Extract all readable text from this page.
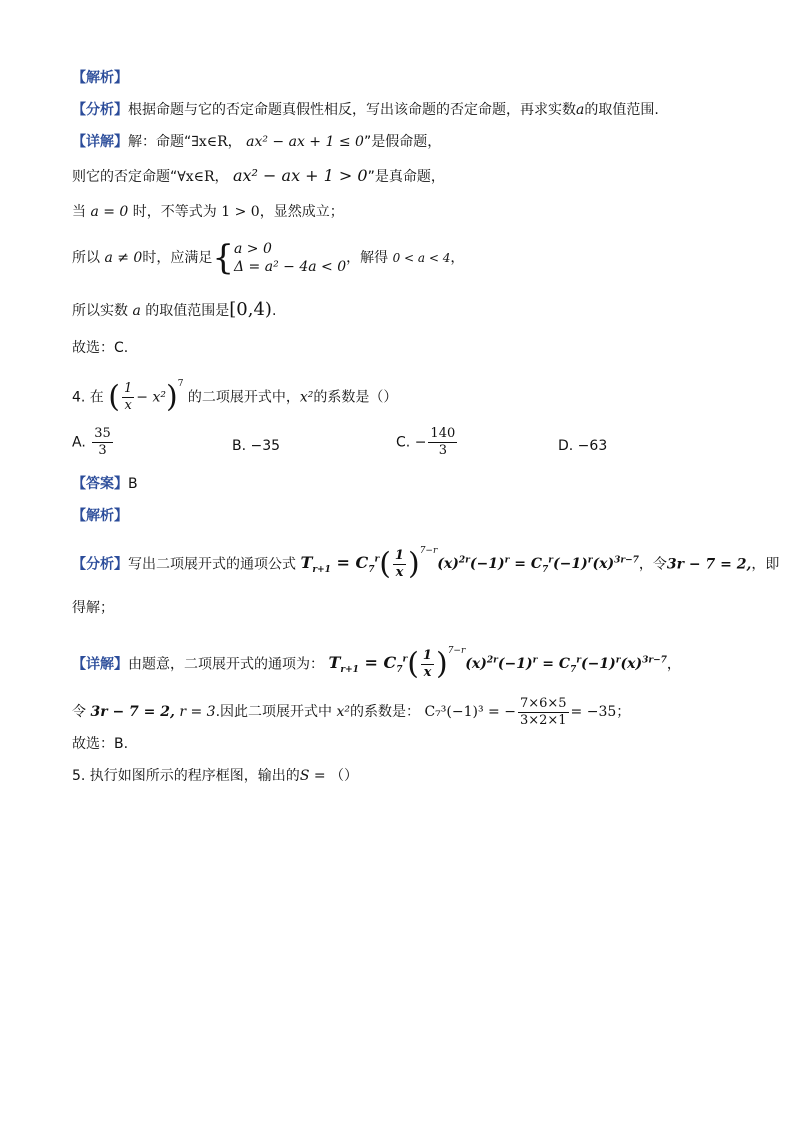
【解析】
【分析】根据命题与它的否定命题真假性相反，写出该命题的否定命题，再求实数a的取值范围.
【详解】解：命题“∃x∈R， ax² − ax + 1 ≤ 0”是假命题，
则它的否定命题“∀x∈R， ax² − ax + 1 > 0”是真命题，
当 a = 0 时，不等式为 1 > 0，显然成立；
所以 a ≠ 0时，应满足{ a > 0
Δ = a² − 4a < 0
，解得 0 < a < 4，
所以实数 a 的取值范围是[0,4).
故选：C.
4. 在 ( $\frac{1}{x} - x^2)^7$ 的二项展开式中，x²的系数是（）
A. $\frac{35}{3}$	B. −35	C. − $\frac{140}{3}$	D. −63
【答案】B
【解析】
【分析】写出二项展开式的通项公式 $T_{r+1} = C_7^r( \frac{1}{x} )^{7-r}(x)^{2r}(-1)^r = C_7^r(-1)^r(x)^{3r-7}$，令3r − 7 = 2,，即
得解；
【详解】由题意，二项展开式的通项为： $T_{r+1} = C_7^r( \frac{1}{x} )^{7-r}(x)^{2r}(-1)^r = C_7^r(-1)^r(x)^{3r-7}$，
令 3r − 7 = 2, r = 3.因此二项展开式中 x²的系数是： C₇³(−1)³ = − $\frac{7\times 6\times 5}{3\times 2\times 1} = -35$；
故选：B.
5. 执行如图所示的程序框图，输出的S = （）
